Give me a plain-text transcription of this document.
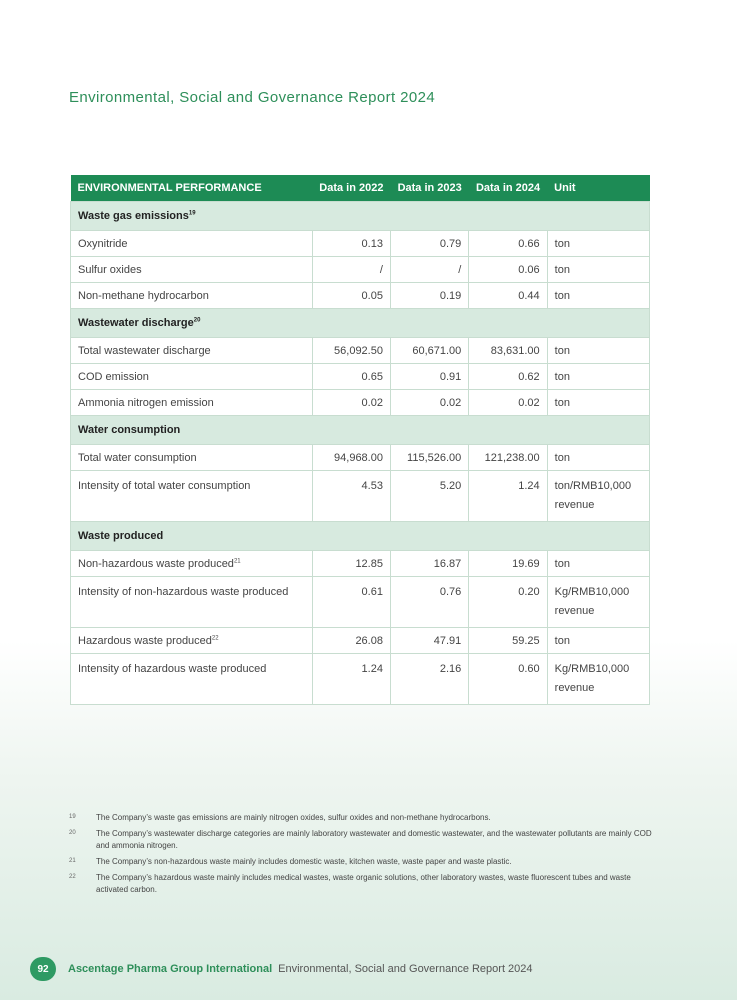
Environmental, Social and Governance Report 2024
ENVIRONMENTAL PERFORMANCE	Data in 2022	Data in 2023	Data in 2024	Unit
Waste gas emissions$^{19}$
Oxynitride	0.13	0.79	0.66	ton

Sulfur oxides	/	/	0.06	ton

Non-methane hydrocarbon	0.05	0.19	0.44	ton

Wastewater discharge$^{20}$
Total wastewater discharge	56,092.50	60,671.00	83,631.00	ton

COD emission	0.65	0.91	0.62	ton

Ammonia nitrogen emission	0.02	0.02	0.02	ton

Water consumption				
Total water consumption	94,968.00	115,526.00	121,238.00	ton

Intensity of total water consumption	4.53	5.20	1.24	ton/RMB10,000
revenue

Waste produced				
Non-hazardous waste produced$^{21}$	12.85	16.87	19.69	ton

Intensity of non-hazardous waste produced	0.61	0.76	0.20	Kg/RMB10,000
revenue

Hazardous waste produced$^{22}$	26.08	47.91	59.25	ton

Intensity of hazardous waste produced	1.24	2.16	0.60	Kg/RMB10,000
revenue
19	The Company’s waste gas emissions are mainly nitrogen oxides, sulfur oxides and non-methane hydrocarbons.
20	The Company’s wastewater discharge categories are mainly laboratory wastewater and domestic wastewater, and the wastewater pollutants are mainly COD and ammonia nitrogen.
21	The Company’s non-hazardous waste mainly includes domestic waste, kitchen waste, waste paper and waste plastic.
22	The Company’s hazardous waste mainly includes medical wastes, waste organic solutions, other laboratory wastes, waste fluorescent tubes and waste activated carbon.
92	Ascentage Pharma Group International Environmental, Social and Governance Report 2024
